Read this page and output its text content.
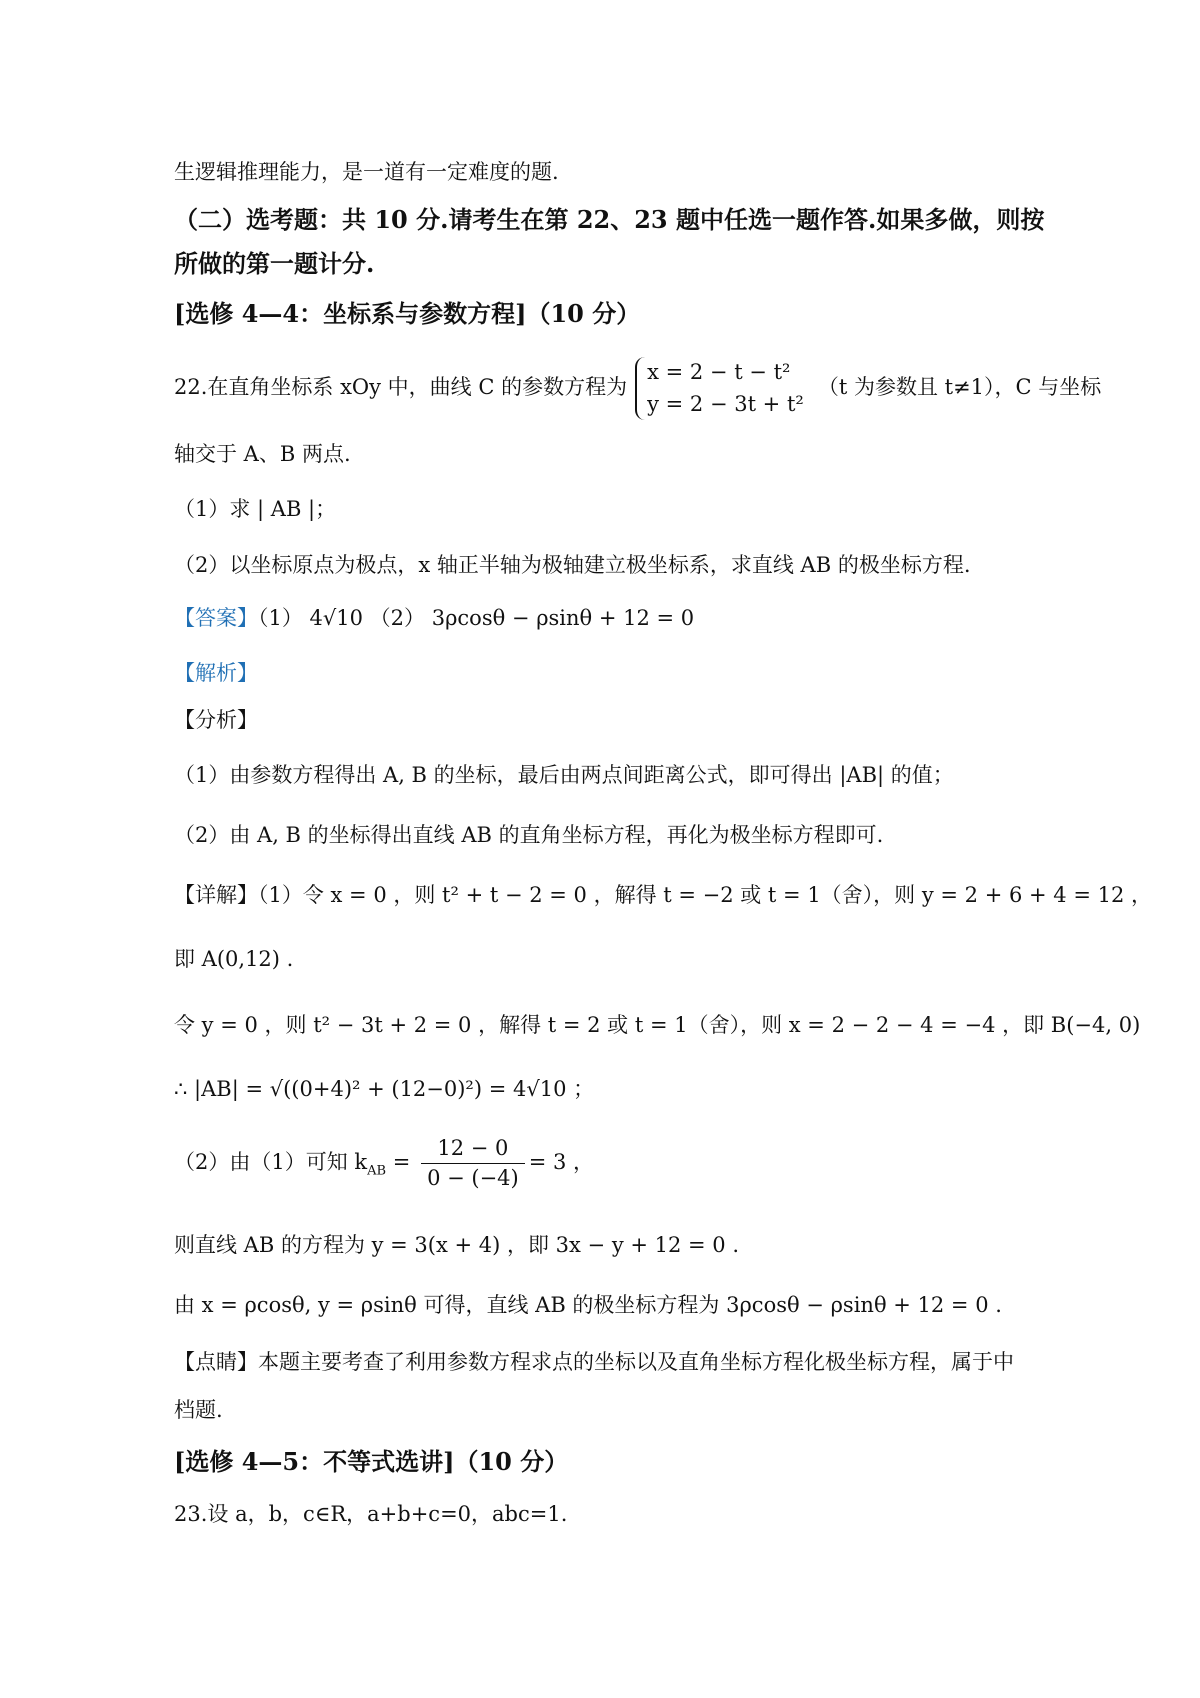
生逻辑推理能力，是一道有一定难度的题.
（二）选考题：共 10 分.请考生在第 22、23 题中任选一题作答.如果多做，则按
所做的第一题计分.
[选修 4—4：坐标系与参数方程]（10 分）
22.在直角坐标系 xOy 中，曲线 C 的参数方程为
x = 2 − t − t²
y = 2 − 3t + t²
（t 为参数且 t≠1），C 与坐标
轴交于 A、B 两点.
（1）求 | AB |；
（2）以坐标原点为极点，x 轴正半轴为极轴建立极坐标系，求直线 AB 的极坐标方程.
【答案】（1） 4√10 （2） 3ρcosθ − ρsinθ + 12 = 0
【解析】
【分析】
（1）由参数方程得出 A, B 的坐标，最后由两点间距离公式，即可得出 |AB| 的值；
（2）由 A, B 的坐标得出直线 AB 的直角坐标方程，再化为极坐标方程即可.
【详解】（1）令 x = 0 ，则 t² + t − 2 = 0 ，解得 t = −2 或 t = 1（舍），则 y = 2 + 6 + 4 = 12 ，
即 A(0,12) .
令 y = 0 ，则 t² − 3t + 2 = 0 ，解得 t = 2 或 t = 1（舍），则 x = 2 − 2 − 4 = −4 ，即 B(−4, 0)
∴ |AB| = √((0+4)² + (12−0)²) = 4√10 ；
（2）由（1）可知 $k_{AB} = \frac{12 - 0}{0 - (-4)} = 3$ ，
则直线 AB 的方程为 y = 3(x + 4) ，即 3x − y + 12 = 0 .
由 x = ρcosθ, y = ρsinθ 可得，直线 AB 的极坐标方程为 3ρcosθ − ρsinθ + 12 = 0 .
【点睛】本题主要考查了利用参数方程求点的坐标以及直角坐标方程化极坐标方程，属于中
档题.
[选修 4—5：不等式选讲]（10 分）
23.设 a，b，c∈R，a+b+c=0，abc=1.
